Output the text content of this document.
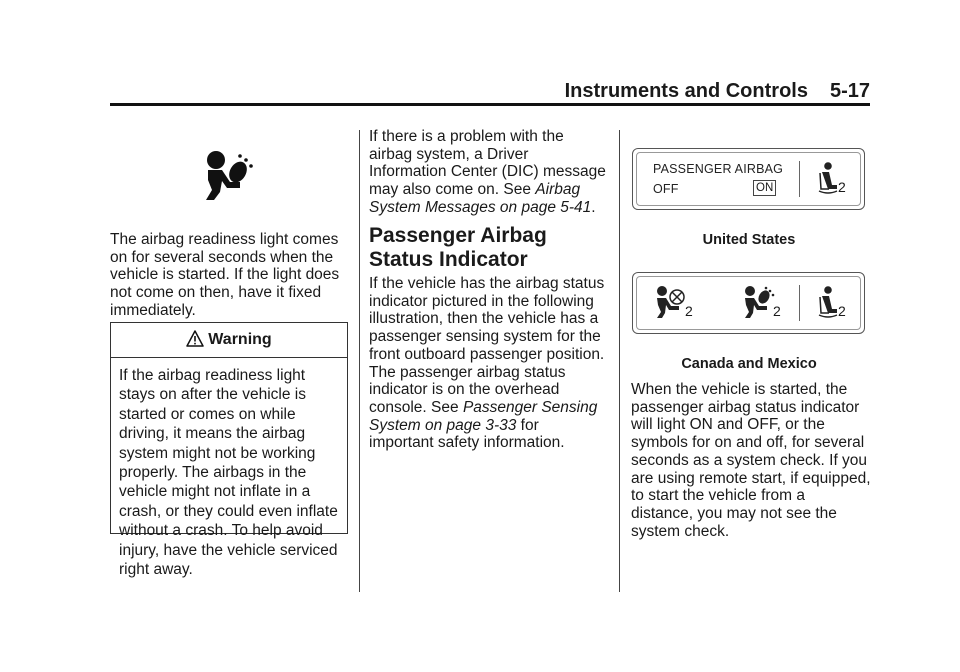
Instruments and Controls 5-17

The airbag readiness light comes on for several seconds when the vehicle is started. If the light does not come on then, have it fixed immediately.

Warning
If the airbag readiness light stays on after the vehicle is started or comes on while driving, it means the airbag system might not be working properly. The airbags in the vehicle might not inflate in a crash, or they could even inflate without a crash. To help avoid injury, have the vehicle serviced right away.

If there is a problem with the airbag system, a Driver Information Center (DIC) message may also come on. See Airbag System Messages on page 5-41.

Passenger Airbag Status Indicator

If the vehicle has the airbag status indicator pictured in the following illustration, then the vehicle has a passenger sensing system for the front outboard passenger position. The passenger airbag status indicator is on the overhead console. See Passenger Sensing System on page 3-33 for important safety information.

PASSENGER AIRBAG
OFF	ON	2
United States
2	2	2
Canada and Mexico

When the vehicle is started, the passenger airbag status indicator will light ON and OFF, or the symbols for on and off, for several seconds as a system check. If you are using remote start, if equipped, to start the vehicle from a distance, you may not see the system check.
